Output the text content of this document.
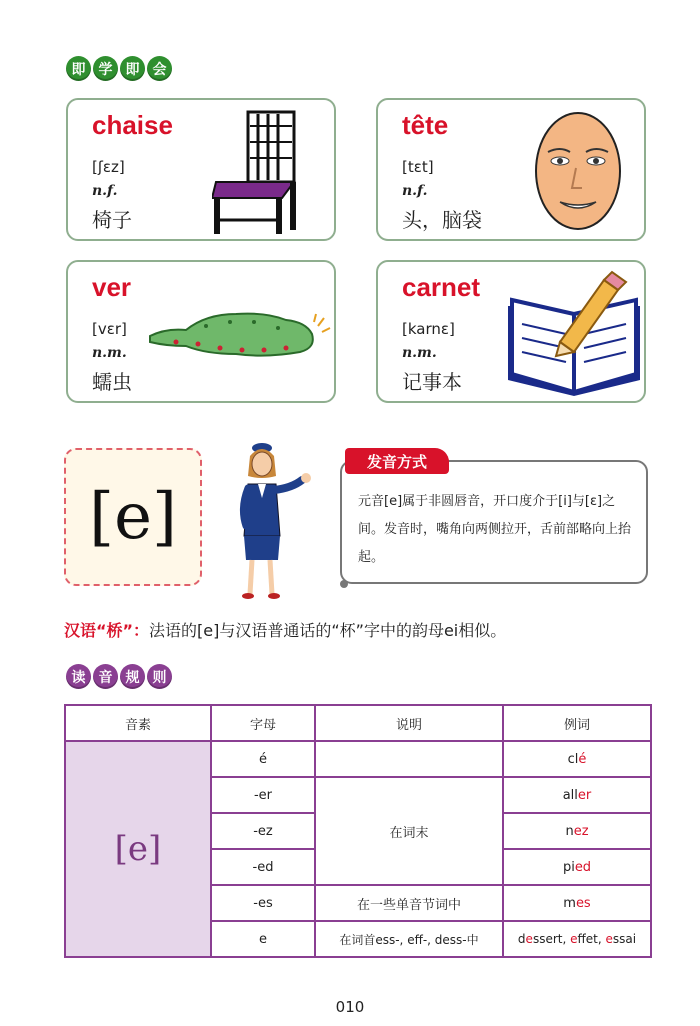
即 学 即 会
chaise
[ʃɛz]
n.f.
椅子
tête
[tɛt]
n.f.
头，脑袋
ver
[vɛr]
n.m.
蠕虫
carnet
[karnɛ]
n.m.
记事本
[e]
发音方式
元音[e]属于非圆唇音，开口度介于[i]与[ɛ]之间。发音时，嘴角向两侧拉开，舌前部略向上抬起。
汉语“桥”：法语的[e]与汉语普通话的“杯”字中的韵母ei相似。
读 音 规 则
音素	字母	说明	例词
[e]	é		clé
	-er	在词末	aller
	-ez		nez
	-ed		pied
	-es	在一些单音节词中	mes
	e	在词首ess-, eff-, dess-中	dessert, effet, essai
010
